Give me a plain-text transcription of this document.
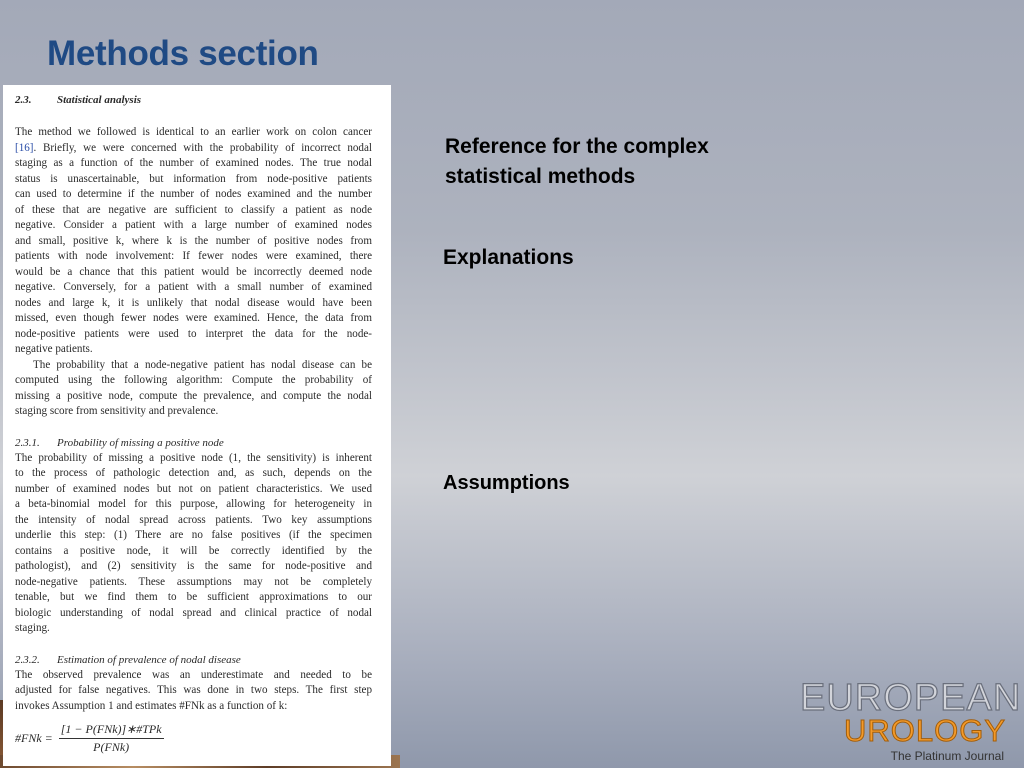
Methods section
2.3. Statistical analysis

The method we followed is identical to an earlier work on colon cancer
[16]. Briefly, we were concerned with the probability of incorrect nodal
staging as a function of the number of examined nodes. The true nodal
status is unascertainable, but information from node-positive patients
can used to determine if the number of nodes examined and the number
of these that are negative are sufficient to classify a patient as node
negative. Consider a patient with a large number of examined nodes
and small, positive k, where k is the number of positive nodes from
patients with node involvement: If fewer nodes were examined, there
would be a chance that this patient would be incorrectly deemed node
negative. Conversely, for a patient with a small number of examined
nodes and large k, it is unlikely that nodal disease would have been
missed, even though fewer nodes were examined. Hence, the data from
node-positive patients were used to interpret the data for the node-
negative patients.

The probability that a node-negative patient has nodal disease can be
computed using the following algorithm: Compute the probability of
missing a positive node, compute the prevalence, and compute the nodal
staging score from sensitivity and prevalence.

2.3.1. Probability of missing a positive node

The probability of missing a positive node (1, the sensitivity) is inherent
to the process of pathologic detection and, as such, depends on the
number of examined nodes but not on patient characteristics. We used
a beta-binomial model for this purpose, allowing for heterogeneity in
the intensity of nodal spread across patients. Two key assumptions
underlie this step: (1) There are no false positives (if the specimen
contains a positive node, it will be correctly identified by the
pathologist), and (2) sensitivity is the same for node-positive and
node-negative patients. These assumptions may not be completely
tenable, but we find them to be sufficient approximations to our
biologic understanding of nodal spread and clinical practice of nodal
staging.

2.3.2. Estimation of prevalence of nodal disease

The observed prevalence was an underestimate and needed to be
adjusted for false negatives. This was done in two steps. The first step
invokes Assumption 1 and estimates #FNk as a function of k:

#FNk = $\frac{\text{[1 − P(FNk)]∗\#TPk}}{\text{P(FNk)}}$
Reference for the complex statistical methods
Explanations
Assumptions
EUROPEAN
UROLOGY
The Platinum Journal
